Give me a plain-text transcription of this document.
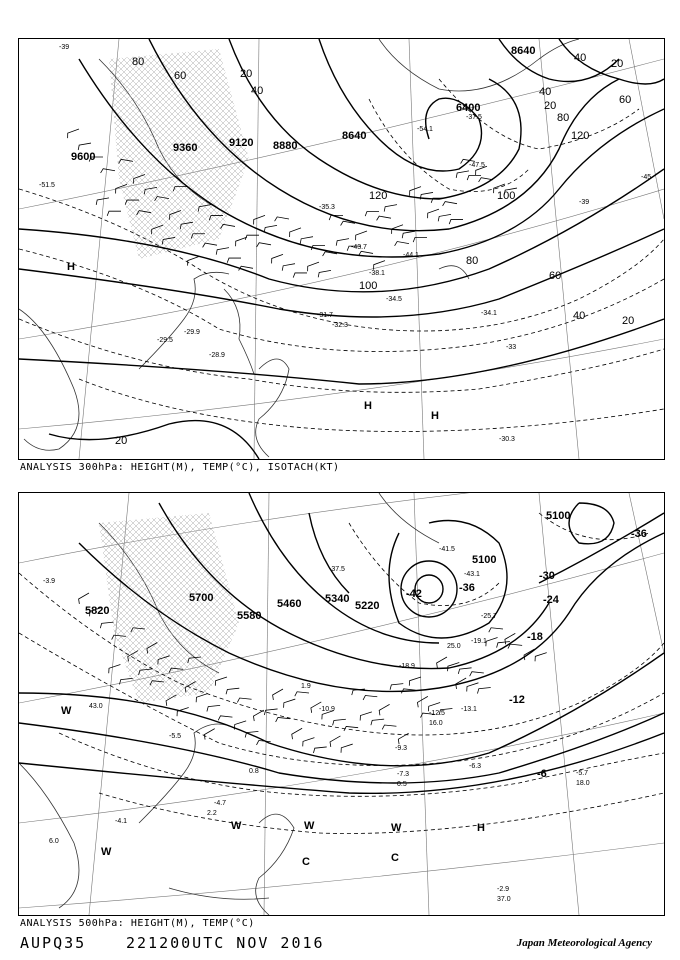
8640
6400
8640
8880
9120
9360
9600
80
60	20
40
20
40
60
40
20
80
100
120
120
100
80
60
40	20
20
-39
-45
-51.5
-47.5
-54.1
-37.5
-35.3
-44.1
-43.7
-38.1
-34.5
-31.7
-32.3
-34.1
-29.9
-28.9
-29.5
-30.3
-33
-39
H
H
H
ANALYSIS 300hPa: HEIGHT(M), TEMP(°C), ISOTACH(KT)
5100
5100
5220
5340
5460
5580
5700
5820
-36
-30
-24
-18
-12
-6
-42	-36
-41.5
-37.5
-43.1
-25.7
-19.1
-18.9
-12.5
-13.1
-10.9
-9.3
-7.3
-6.3
-5.7
-5.5
-3.9
-4.7
-4.1
-2.9
43.0
37.0
18.0
25.0
16.0
0.5
2.2
6.0
1.9
0.8
H
W
W	W	W
C	C
W
ANALYSIS 500hPa: HEIGHT(M), TEMP(°C)
AUPQ35	221200UTC NOV 2016	Japan Meteorological Agency
